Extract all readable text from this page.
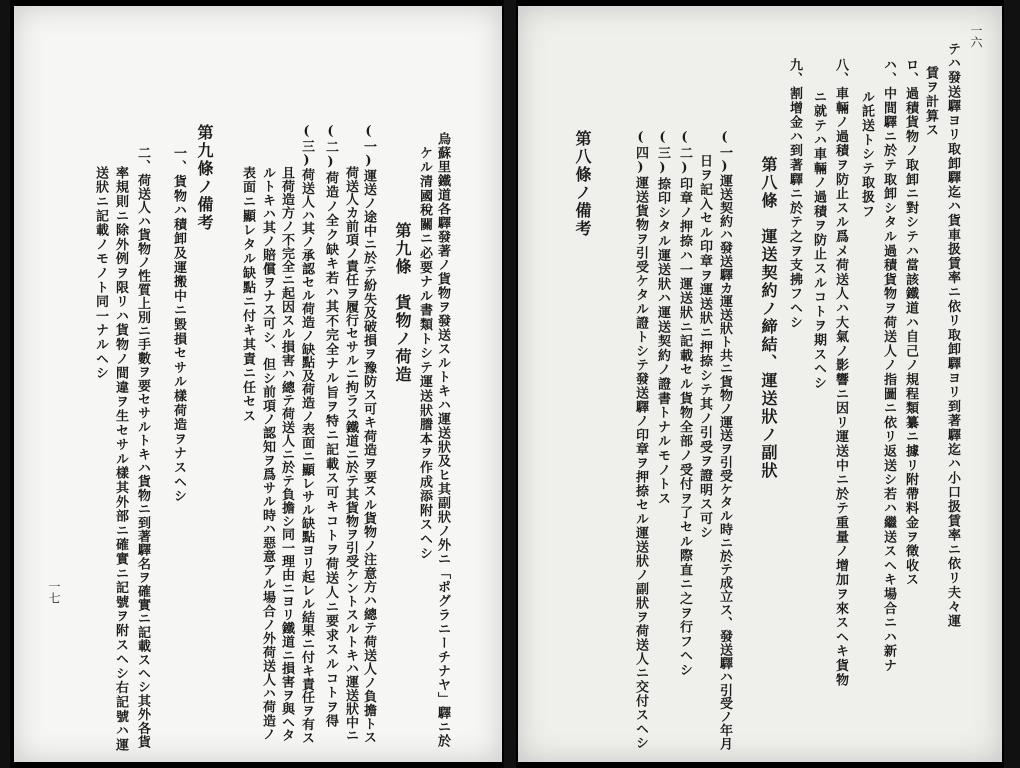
一七	烏蘇里鐵道各驛發著ノ貨物ヲ發送スルトキハ運送狀及ヒ其副狀ノ外ニ「ポグラニーチナヤ」驛ニ於
ケル清國稅關ニ必要ナル書類トシテ運送狀謄本ヲ作成添附スヘシ
第九條　貨物ノ荷造
(一)運送ノ途中ニ於テ紛失及破損ヲ豫防ス可キ荷造ヲ要スル貨物ノ注意方ハ總テ荷送人ノ負擔トス
荷送人カ前項ノ責任ヲ履行セサルニ拘ラス鐵道ニ於テ其貨物ヲ引受ケントスルトキハ運送狀中ニ
(二)荷造ノ全ク缺キ若ハ其不完全ナル旨ヲ特ニ記載ス可キコトヲ荷送人ニ要求スルコトヲ得
(三)荷送人ハ其ノ承認セル荷造ノ缺點及荷造ノ表面ニ顯レサル缺點ヨリ起レル結果ニ付キ責任ヲ有ス
且荷造方ノ不完全ニ起因スル損害ハ總テ荷送人ニ於テ負擔シ同一理由ニヨリ鐵道ニ損害ヲ與ヘタ
ルトキハ其ノ賠償ヲナス可シ、但シ前項ノ認知ヲ爲サル時ハ惡意アル場合ノ外荷送人ハ荷造ノ
表面ニ顯レタル缺點ニ付キ其責ニ任セス
第九條ノ備考
一、貨物ハ積卸及運搬中ニ毀損セサル樣荷造ヲナスヘシ
二、荷送人ハ貨物ノ性質上別ニ手數ヲ要セサルトキハ貨物ニ到著驛名ヲ確實ニ記載スヘシ其外各貨
率規則ニ除外例ヲ限リハ貨物ノ間違ヲ生セサル樣其外部ニ確實ニ記號ヲ附スヘシ右記號ハ運
送狀ニ記載ノモノト同一ナルヘシ
一六
テハ發送驛ヨリ取卸驛迄ハ貨車扱賃率ニ依リ取卸驛ヨリ到著驛迄ハ小口扱賃率ニ依リ夫々運
賃ヲ計算ス
ロ、過積貨物ノ取卸ニ對シテハ當該鐵道ハ自己ノ規程類纂ニ據リ附帶料金ヲ徵收ス
ハ、中間驛ニ於テ取卸シタル過積貨物ヲ荷送人ノ指圖ニ依リ返送シ若ハ繼送スヘキ場合ニハ新ナ
ル託送トシテ取扱フ
八、車輛ノ過積ヲ防止スル爲メ荷送人ハ大氣ノ影響ニ因リ運送中ニ於テ重量ノ增加ヲ來スヘキ貨物
ニ就テハ車輛ノ過積ヲ防止スルコトヲ期スヘシ
九、割增金ハ到著驛ニ於テ之ヲ支拂フヘシ
第八條　運送契約ノ締結、運送狀ノ副狀
(一)運送契約ハ發送驛カ運送狀ト共ニ貨物ノ運送ヲ引受ケタル時ニ於テ成立ス、發送驛ハ引受ノ年月
日ヲ記入セル印章ヲ運送狀ニ押捺シテ其ノ引受ヲ證明ス可シ
(二)印章ノ押捺ハ一運送狀ニ記載セル貨物全部ノ受付ヲ了セル際直ニ之ヲ行フヘシ
(三)捺印シタル運送狀ハ運送契約ノ證書トナルモノトス
(四)運送貨物ヲ引受ケタル證トシテ發送驛ノ印章ヲ押捺セル運送狀ノ副狀ヲ荷送人ニ交付スヘシ
第八條ノ備考
